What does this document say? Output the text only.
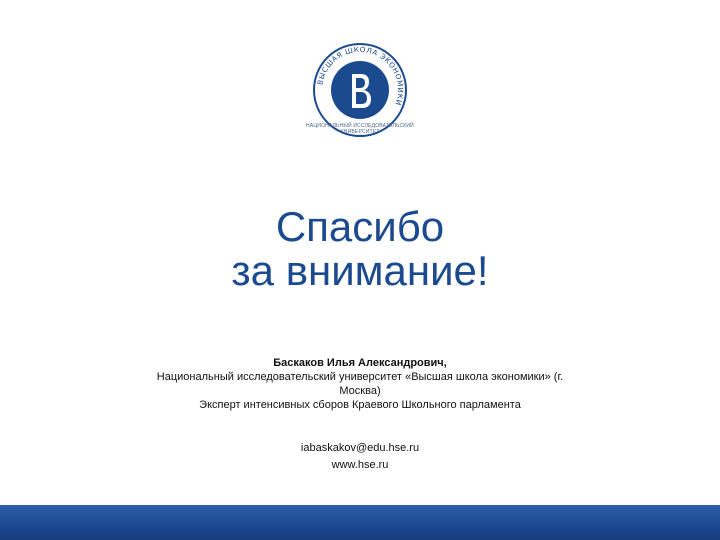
ВЫСШАЯ ШКОЛА ЭКОНОМИКИ
НАЦИОНАЛЬНЫЙ ИССЛЕДОВАТЕЛЬСКИЙ
УНИВЕРСИТЕТ
Спасибо
за внимание!
Баскаков Илья Александрович,
Национальный исследовательский университет «Высшая школа экономики» (г.
Москва)
Эксперт интенсивных сборов Краевого Школьного парламента
iabaskakov@edu.hse.ru
www.hse.ru
